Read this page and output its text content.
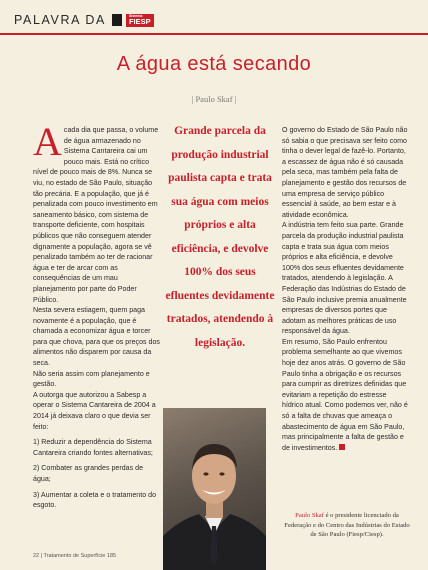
PALAVRA DA	Sistema
FIESP
A água está secando
| Paulo Skaf |

Acada dia que passa, o volume de água armazenado no Sistema Cantareira cai um pouco mais. Está no crítico nível de pouco mais de 8%. Nunca se viu, no estado de São Paulo, situação tão precária. E a população, que já é penalizada com pouco investimento em saneamento básico, com sistema de transporte deficiente, com hospitais públicos que não conseguem atender dignamente a população, agora se vê penalizado também ao ter de racionar água e ter de arcar com as consequências de um mau planejamento por parte do Poder Público.

Nesta severa estiagem, quem paga novamente é a população, que é chamada a economizar água e torcer para que chova, para que os preços dos alimentos não disparem por causa da seca.

Não seria assim com planejamento e gestão.

A outorga que autorizou a Sabesp a operar o Sistema Cantareira de 2004 a 2014 já deixava claro o que devia ser feito:

1) Reduzir a dependência do Sistema Cantareira criando fontes alternativas;

2) Combater as grandes perdas de água;

3) Aumentar a coleta e o tratamento do esgoto.

Grande parcela da produção industrial paulista capta e trata sua água com meios próprios e alta eficiência, e devolve 100% dos seus efluentes devidamente tratados, atendendo à legislação.

O governo do Estado de São Paulo não só sabia o que precisava ser feito como tinha o dever legal de fazê-lo. Portanto, a escassez de água não é só causada pela seca, mas também pela falta de planejamento e gestão dos recursos de uma empresa de serviço público essencial à saúde, ao bem estar e à atividade econômica.

A indústria tem feito sua parte. Grande parcela da produção industrial paulista capta e trata sua água com meios próprios e alta eficiência, e devolve 100% dos seus efluentes devidamente tratados, atendendo à legislação. A Federação das Indústrias do Estado de São Paulo inclusive premia anualmente empresas de diversos portes que adotam as melhores práticas de uso responsável da água.

Em resumo, São Paulo enfrentou problema semelhante ao que vivemos hoje dez anos atrás. O governo de São Paulo tinha a obrigação e os recursos para cumprir as diretrizes definidas que evitariam a repetição do estresse hídrico atual. Como podemos ver, não é só a falta de chuvas que ameaça o abastecimento de água em São Paulo, mas principalmente a falta de gestão e de investimentos.

Paulo Skaf é o presidente licenciado da Federação e do Centro das Indústrias do Estado de São Paulo (Fiesp/Ciesp).
22 | Tratamento de Superfície 185
